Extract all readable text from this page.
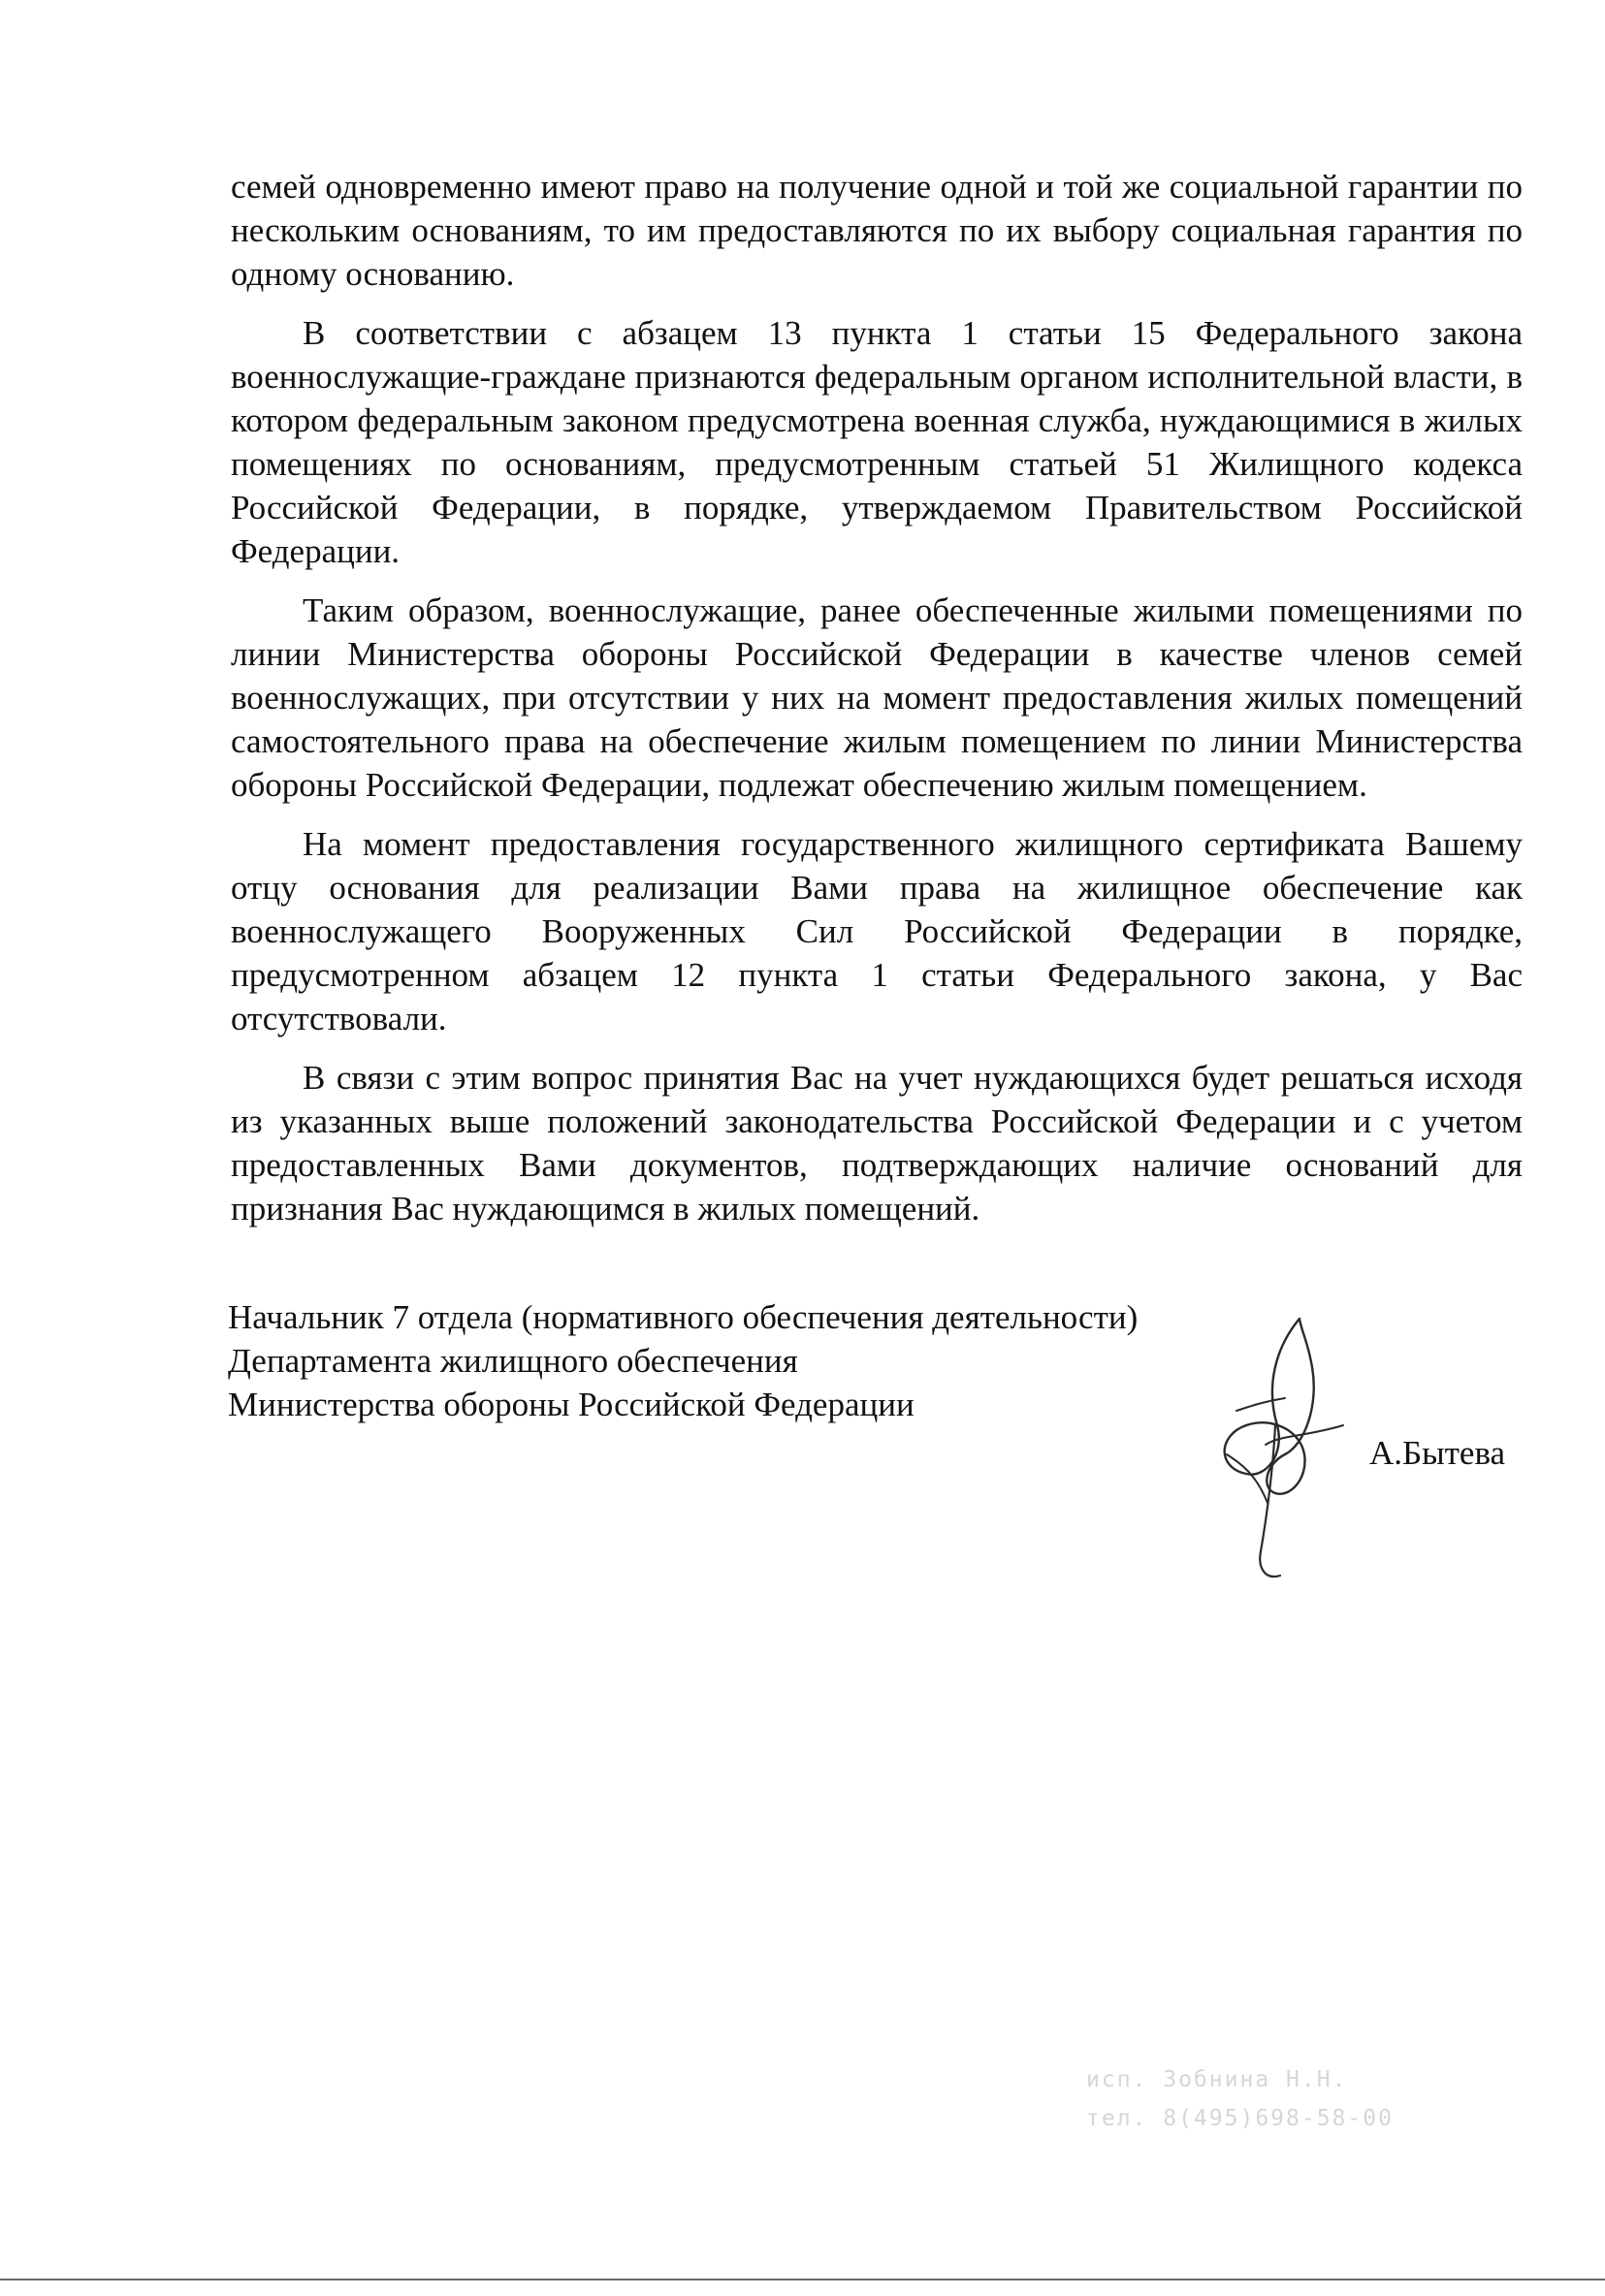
семей одновременно имеют право на получение одной и той же социальной гарантии по нескольким основаниям, то им предоставляются по их выбору социальная гарантия по одному основанию.

В соответствии с абзацем 13 пункта 1 статьи 15 Федерального закона военнослужащие-граждане признаются федеральным органом исполнительной власти, в котором федеральным законом предусмотрена военная служба, нуждающимися в жилых помещениях по основаниям, предусмотренным статьей 51 Жилищного кодекса Российской Федерации, в порядке, утверждаемом Правительством Российской Федерации.

Таким образом, военнослужащие, ранее обеспеченные жилыми помещениями по линии Министерства обороны Российской Федерации в качестве членов семей военнослужащих, при отсутствии у них на момент предоставления жилых помещений самостоятельного права на обеспечение жилым помещением по линии Министерства обороны Российской Федерации, подлежат обеспечению жилым помещением.

На момент предоставления государственного жилищного сертификата Вашему отцу основания для реализации Вами права на жилищное обеспечение как военнослужащего Вооруженных Сил Российской Федерации в порядке, предусмотренном абзацем 12 пункта 1 статьи Федерального закона, у Вас отсутствовали.

В связи с этим вопрос принятия Вас на учет нуждающихся будет решаться исходя из указанных выше положений законодательства Российской Федерации и с учетом предоставленных Вами документов, подтверждающих наличие оснований для признания Вас нуждающимся в жилых помещений.

Начальник 7 отдела (нормативного обеспечения деятельности)
Департамента жилищного обеспечения
Министерства обороны Российской Федерации
А.Бытева
исп. Зобнина Н.Н.
тел. 8(495)698-58-00
